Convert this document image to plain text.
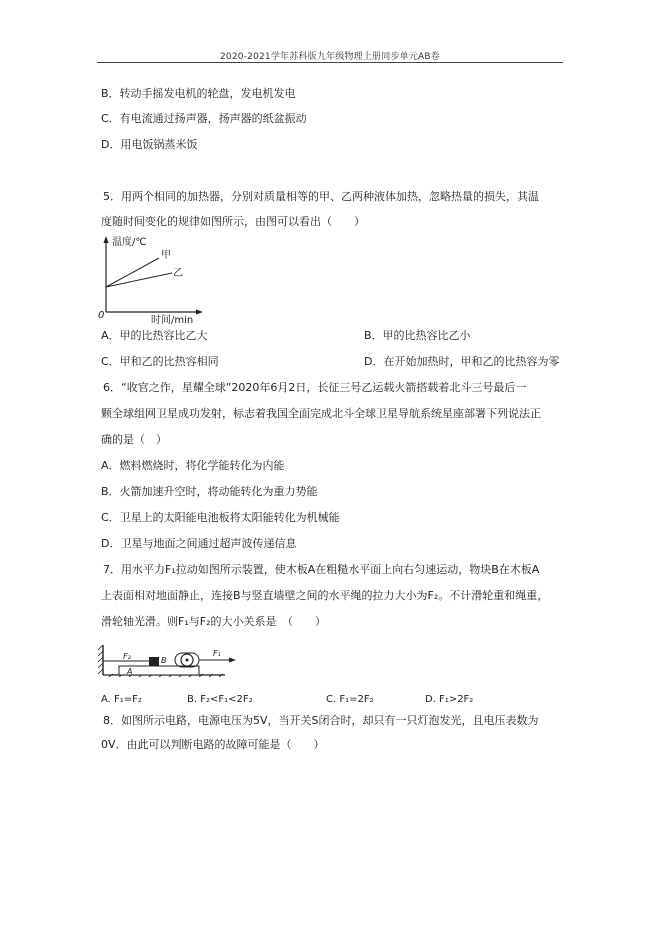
2020-2021学年苏科版九年级物理上册同步单元AB卷
B．转动手摇发电机的轮盘，发电机发电
C．有电流通过扬声器，扬声器的纸盆振动
D．用电饭锅蒸米饭
5．用两个相同的加热器，分别对质量相等的甲、乙两种液体加热，忽略热量的损失，其温
度随时间变化的规律如图所示，由图可以看出（　　）
温度/℃
甲
乙
0	时间/min
A．甲的比热容比乙大	B．甲的比热容比乙小
C．甲和乙的比热容相同	D．在开始加热时，甲和乙的比热容为零
6．“收官之作，星耀全球”2020年6月2日，长征三号乙运载火箭搭载着北斗三号最后一
颗全球组网卫星成功发射，标志着我国全面完成北斗全球卫星导航系统星座部署下列说法正
确的是（　）
A．燃料燃烧时，将化学能转化为内能
B．火箭加速升空时，将动能转化为重力势能
C．卫星上的太阳能电池板将太阳能转化为机械能
D．卫星与地面之间通过超声波传递信息
7．用水平力F₁拉动如图所示装置，使木板A在粗糙水平面上向右匀速运动，物块B在木板A
上表面相对地面静止，连接B与竖直墙壁之间的水平绳的拉力大小为F₂。不计滑轮重和绳重，
滑轮轴光滑。则F₁与F₂的大小关系是　（　　）
A
F₂	B
F₁
A. F₁=F₂	B. F₂<F₁<2F₂	C. F₁=2F₂	D. F₁>2F₂
8．如图所示电路，电源电压为5V，当开关S闭合时，却只有一只灯泡发光，且电压表数为
0V．由此可以判断电路的故障可能是（　　）
